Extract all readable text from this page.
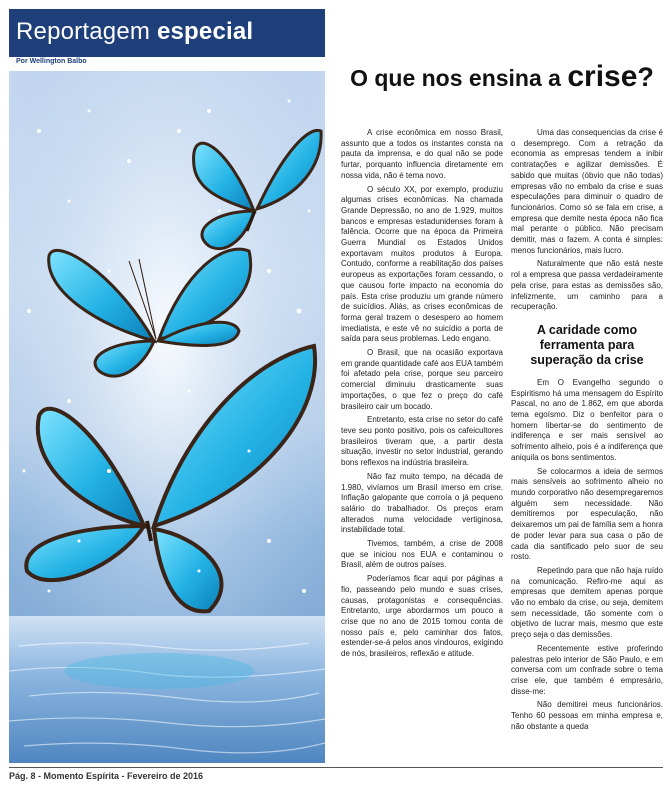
Reportagem especial
Por Wellington Balbo
O que nos ensina a crise?

A crise econômica em nosso Brasil, assunto que a todos os instantes consta na pauta da imprensa, e do qual não se pode furtar, porquanto influencia diretamente em nossa vida, não é tema novo.

O século XX, por exemplo, produziu algumas crises econômicas. Na chamada Grande Depressão, no ano de 1.929, muitos bancos e empresas estadunidenses foram à falência. Ocorre que na época da Primeira Guerra Mundial os Estados Unidos exportavam muitos produtos à Europa. Contudo, conforme a reabilitação dos países europeus as exportações foram cessando, o que causou forte impacto na economia do país. Esta crise produziu um grande número de suicídios. Aliás, as crises econômicas de forma geral trazem o desespero ao homem imediatista, e este vê no suicídio a porta de saída para seus problemas. Ledo engano.

O Brasil, que na ocasião exportava em grande quantidade café aos EUA também foi afetado pela crise, porque seu parceiro comercial diminuiu drasticamente suas importações, o que fez o preço do café brasileiro cair um bocado.

Entretanto, esta crise no setor do café teve seu ponto positivo, pois os cafeicultores brasileiros tiveram que, a partir desta situação, investir no setor industrial, gerando bons reflexos na indústria brasileira.

Não faz muito tempo, na década de 1.980, vivíamos um Brasil imerso em crise. Inflação galopante que corroía o já pequeno salário do trabalhador. Os preços eram alterados numa velocidade vertiginosa, instabilidade total.

Tivemos, também, a crise de 2008 que se iniciou nos EUA e contaminou o Brasil, além de outros países.

Poderíamos ficar aqui por páginas a fio, passeando pelo mundo e suas crises, causas, protagonistas e consequências. Entretanto, urge abordarmos um pouco a crise que no ano de 2015 tomou conta de nosso país e, pelo caminhar dos fatos, estender-se-á pelos anos vindouros, exigindo de nós, brasileiros, reflexão e atitude.

Uma das consequencias da crise é o desemprego. Com a retração da economia as empresas tendem a inibir contratações e agilizar demissões. É sabido que muitas (óbvio que não todas) empresas vão no embalo da crise e suas especulações para diminuir o quadro de funcionários. Como só se fala em crise, a empresa que demite nesta época não fica mal perante o público. Não precisam demitir, mas o fazem. A conta é simples: menos funcionários, mais lucro.

Naturalmente que não está neste rol a empresa que passa verdadeiramente pela crise, para estas as demissões são, infelizmente, um caminho para a recuperação.

A caridade como ferramenta para superação da crise

Em O Evangelho segundo o Espiritismo há uma mensagem do Espírito Pascal, no ano de 1.862, em que aborda tema egoísmo. Diz o benfeitor para o homem libertar-se do sentimento de indiferença e ser mais sensível ao sofrimento alheio, pois é a indiferença que aniquila os bons sentimentos.

Se colocarmos a ideia de sermos mais sensíveis ao sofrimento alheio no mundo corporativo não desempregaremos alguém sem necessidade. Não demitiremos por especulação, não deixaremos um pai de família sem a honra de poder levar para sua casa o pão de cada dia santificado pelo suor de seu rosto.

Repetindo para que não haja ruído na comunicação. Refiro-me aqui as empresas que demitem apenas porque vão no embalo da crise, ou seja, demitem sem necessidade, tão somente com o objetivo de lucrar mais, mesmo que este preço seja o das demissões.

Recentemente estive proferindo palestras pelo interior de São Paulo, e em conversa com um confrade sobre o tema crise ele, que também é empresário, disse-me:

Não demitirei meus funcionários. Tenho 60 pessoas em minha empresa e, não obstante a queda

Pág. 8 - Momento Espírita - Fevereiro de 2016
